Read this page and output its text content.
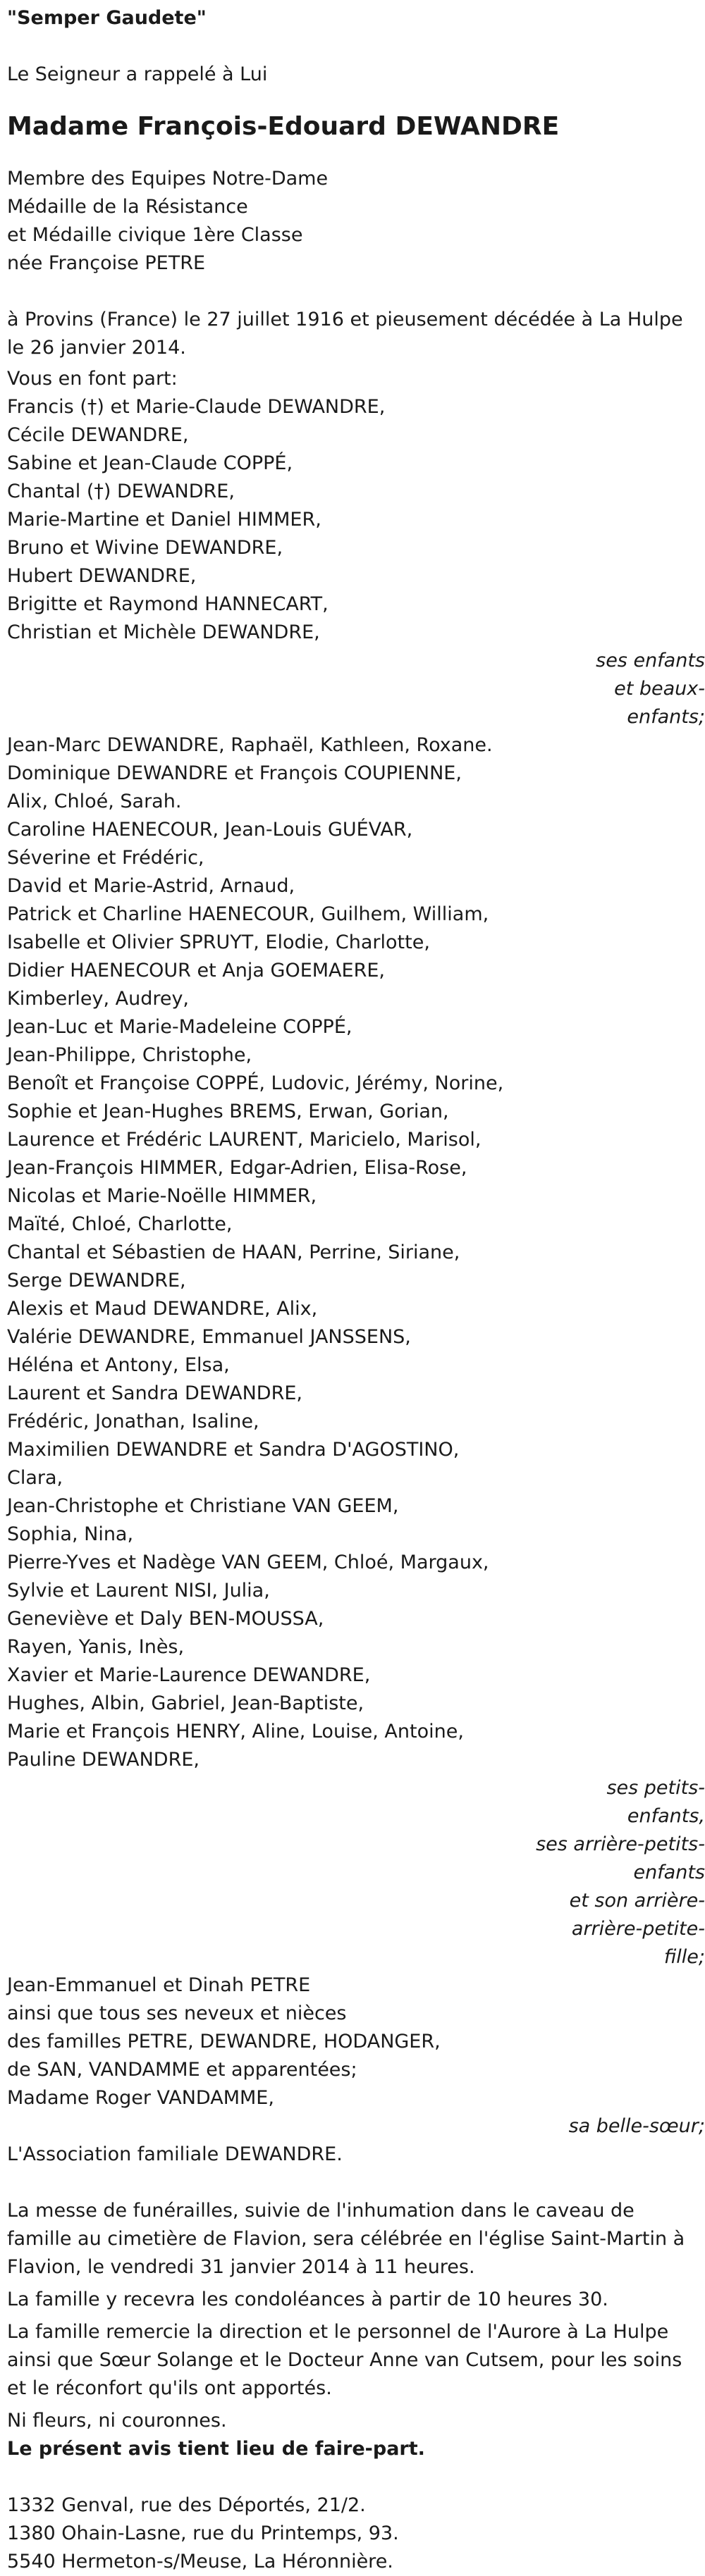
"Semper Gaudete"
Le Seigneur a rappelé à Lui
Madame François-Edouard DEWANDRE
Membre des Equipes Notre-Dame
Médaille de la Résistance
et Médaille civique 1ère Classe
née Françoise PETRE
à Provins (France) le 27 juillet 1916 et pieusement décédée à La Hulpe le 26 janvier 2014.
Vous en font part:
Francis (†) et Marie-Claude DEWANDRE,
Cécile DEWANDRE,
Sabine et Jean-Claude COPPÉ,
Chantal (†) DEWANDRE,
Marie-Martine et Daniel HIMMER,
Bruno et Wivine DEWANDRE,
Hubert DEWANDRE,
Brigitte et Raymond HANNECART,
Christian et Michèle DEWANDRE,
ses enfants et beaux-enfants;
Jean-Marc DEWANDRE, Raphaël, Kathleen, Roxane.
Dominique DEWANDRE et François COUPIENNE,
Alix, Chloé, Sarah.
Caroline HAENECOUR, Jean-Louis GUÉVAR,
Séverine et Frédéric,
David et Marie-Astrid, Arnaud,
Patrick et Charline HAENECOUR, Guilhem, William,
Isabelle et Olivier SPRUYT, Elodie, Charlotte,
Didier HAENECOUR et Anja GOEMAERE,
Kimberley, Audrey,
Jean-Luc et Marie-Madeleine COPPÉ,
Jean-Philippe, Christophe,
Benoît et Françoise COPPÉ, Ludovic, Jérémy, Norine,
Sophie et Jean-Hughes BREMS, Erwan, Gorian,
Laurence et Frédéric LAURENT, Maricielo, Marisol,
Jean-François HIMMER, Edgar-Adrien, Elisa-Rose,
Nicolas et Marie-Noëlle HIMMER,
Maïté, Chloé, Charlotte,
Chantal et Sébastien de HAAN, Perrine, Siriane,
Serge DEWANDRE,
Alexis et Maud DEWANDRE, Alix,
Valérie DEWANDRE, Emmanuel JANSSENS,
Héléna et Antony, Elsa,
Laurent et Sandra DEWANDRE,
Frédéric, Jonathan, Isaline,
Maximilien DEWANDRE et Sandra D'AGOSTINO,
Clara,
Jean-Christophe et Christiane VAN GEEM,
Sophia, Nina,
Pierre-Yves et Nadège VAN GEEM, Chloé, Margaux,
Sylvie et Laurent NISI, Julia,
Geneviève et Daly BEN-MOUSSA,
Rayen, Yanis, Inès,
Xavier et Marie-Laurence DEWANDRE,
Hughes, Albin, Gabriel, Jean-Baptiste,
Marie et François HENRY, Aline, Louise, Antoine,
Pauline DEWANDRE,
ses petits-enfants,
ses arrière-petits-enfants
et son arrière-arrière-petite-fille;
Jean-Emmanuel et Dinah PETRE
ainsi que tous ses neveux et nièces
des familles PETRE, DEWANDRE, HODANGER,
de SAN, VANDAMME et apparentées;
Madame Roger VANDAMME,
sa belle-sœur;
L'Association familiale DEWANDRE.
La messe de funérailles, suivie de l'inhumation dans le caveau de famille au cimetière de Flavion, sera célébrée en l'église Saint-Martin à Flavion, le vendredi 31 janvier 2014 à 11 heures.
La famille y recevra les condoléances à partir de 10 heures 30.
La famille remercie la direction et le personnel de l'Aurore à La Hulpe ainsi que Sœur Solange et le Docteur Anne van Cutsem, pour les soins et le réconfort qu'ils ont apportés.
Ni fleurs, ni couronnes.
Le présent avis tient lieu de faire-part.
1332 Genval, rue des Déportés, 21/2.
1380 Ohain-Lasne, rue du Printemps, 93.
5540 Hermeton-s/Meuse, La Héronnière.
